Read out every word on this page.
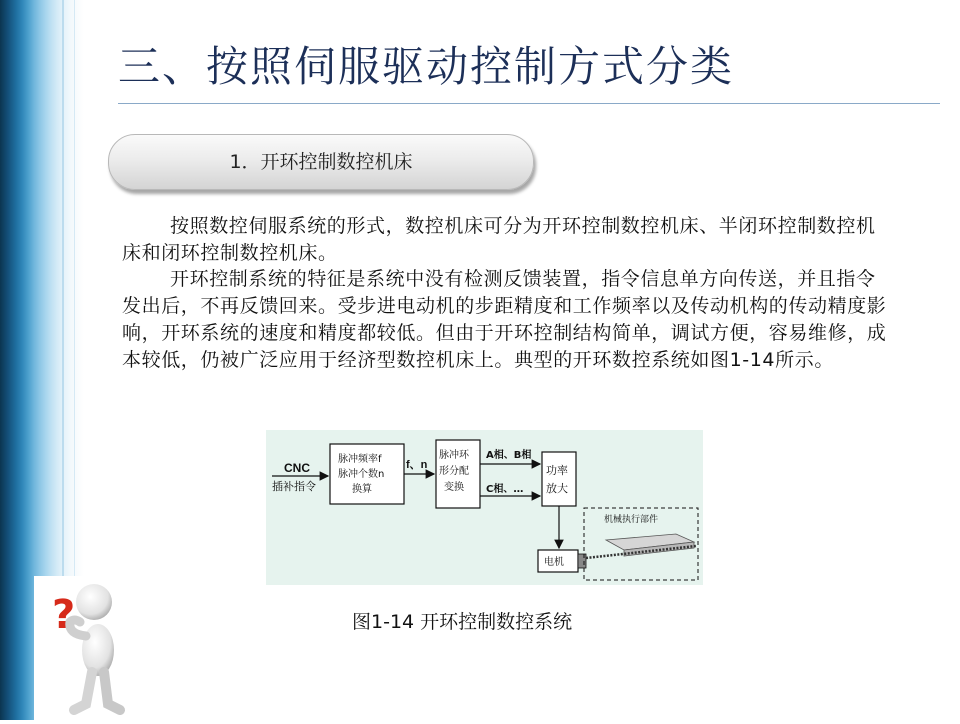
三、按照伺服驱动控制方式分类
1．开环控制数控机床
按照数控伺服系统的形式，数控机床可分为开环控制数控机床、半闭环控制数控机床和闭环控制数控机床。
开环控制系统的特征是系统中没有检测反馈装置，指令信息单方向传送，并且指令发出后，不再反馈回来。受步进电动机的步距精度和工作频率以及传动机构的传动精度影响，开环系统的速度和精度都较低。但由于开环控制结构简单，调试方便，容易维修，成本较低，仍被广泛应用于经济型数控机床上。典型的开环数控系统如图1-14所示。
CNC
插补指令
脉冲频率f
脉冲个数n
换算
f、n
脉冲环
形分配
变换
A相、B相
C相、…
功率
放大
电机
机械执行部件
图1-14 开环控制数控系统
?
